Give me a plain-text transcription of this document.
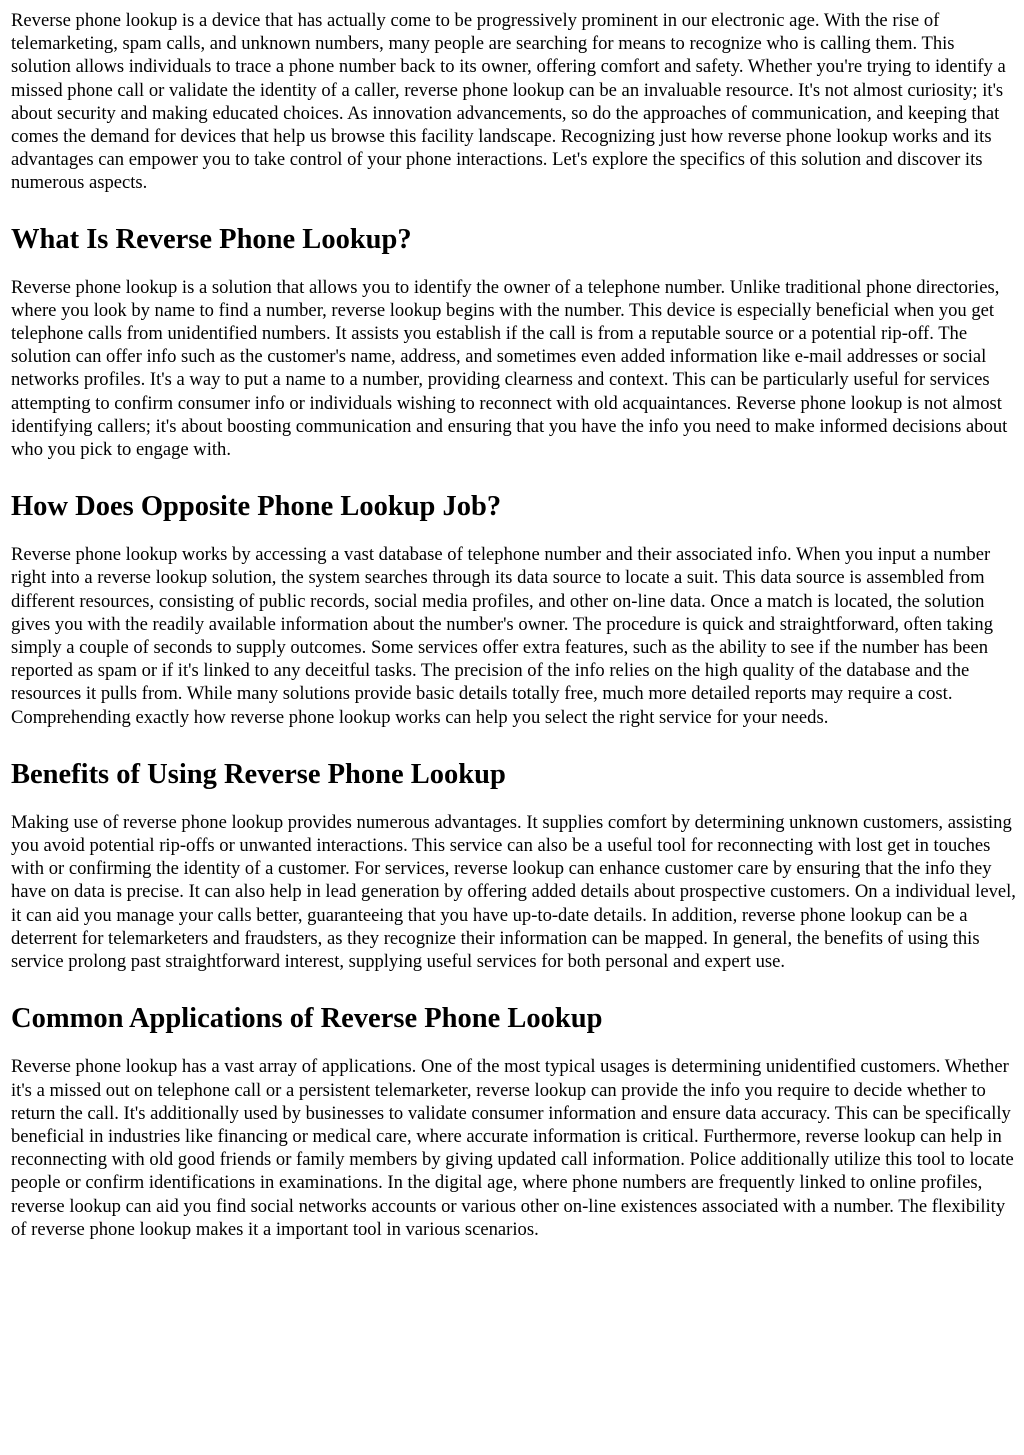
Reverse phone lookup is a device that has actually come to be progressively prominent in our electronic age. With the rise of telemarketing, spam calls, and unknown numbers, many people are searching for means to recognize who is calling them. This solution allows individuals to trace a phone number back to its owner, offering comfort and safety. Whether you're trying to identify a missed phone call or validate the identity of a caller, reverse phone lookup can be an invaluable resource. It's not almost curiosity; it's about security and making educated choices. As innovation advancements, so do the approaches of communication, and keeping that comes the demand for devices that help us browse this facility landscape. Recognizing just how reverse phone lookup works and its advantages can empower you to take control of your phone interactions. Let's explore the specifics of this solution and discover its numerous aspects.

What Is Reverse Phone Lookup?

Reverse phone lookup is a solution that allows you to identify the owner of a telephone number. Unlike traditional phone directories, where you look by name to find a number, reverse lookup begins with the number. This device is especially beneficial when you get telephone calls from unidentified numbers. It assists you establish if the call is from a reputable source or a potential rip-off. The solution can offer info such as the customer's name, address, and sometimes even added information like e-mail addresses or social networks profiles. It's a way to put a name to a number, providing clearness and context. This can be particularly useful for services attempting to confirm consumer info or individuals wishing to reconnect with old acquaintances. Reverse phone lookup is not almost identifying callers; it's about boosting communication and ensuring that you have the info you need to make informed decisions about who you pick to engage with.

How Does Opposite Phone Lookup Job?

Reverse phone lookup works by accessing a vast database of telephone number and their associated info. When you input a number right into a reverse lookup solution, the system searches through its data source to locate a suit. This data source is assembled from different resources, consisting of public records, social media profiles, and other on-line data. Once a match is located, the solution gives you with the readily available information about the number's owner. The procedure is quick and straightforward, often taking simply a couple of seconds to supply outcomes. Some services offer extra features, such as the ability to see if the number has been reported as spam or if it's linked to any deceitful tasks. The precision of the info relies on the high quality of the database and the resources it pulls from. While many solutions provide basic details totally free, much more detailed reports may require a cost. Comprehending exactly how reverse phone lookup works can help you select the right service for your needs.

Benefits of Using Reverse Phone Lookup

Making use of reverse phone lookup provides numerous advantages. It supplies comfort by determining unknown customers, assisting you avoid potential rip-offs or unwanted interactions. This service can also be a useful tool for reconnecting with lost get in touches with or confirming the identity of a customer. For services, reverse lookup can enhance customer care by ensuring that the info they have on data is precise. It can also help in lead generation by offering added details about prospective customers. On a individual level, it can aid you manage your calls better, guaranteeing that you have up-to-date details. In addition, reverse phone lookup can be a deterrent for telemarketers and fraudsters, as they recognize their information can be mapped. In general, the benefits of using this service prolong past straightforward interest, supplying useful services for both personal and expert use.

Common Applications of Reverse Phone Lookup

Reverse phone lookup has a vast array of applications. One of the most typical usages is determining unidentified customers. Whether it's a missed out on telephone call or a persistent telemarketer, reverse lookup can provide the info you require to decide whether to return the call. It's additionally used by businesses to validate consumer information and ensure data accuracy. This can be specifically beneficial in industries like financing or medical care, where accurate information is critical. Furthermore, reverse lookup can help in reconnecting with old good friends or family members by giving updated call information. Police additionally utilize this tool to locate people or confirm identifications in examinations. In the digital age, where phone numbers are frequently linked to online profiles, reverse lookup can aid you find social networks accounts or various other on-line existences associated with a number. The flexibility of reverse phone lookup makes it a important tool in various scenarios.
